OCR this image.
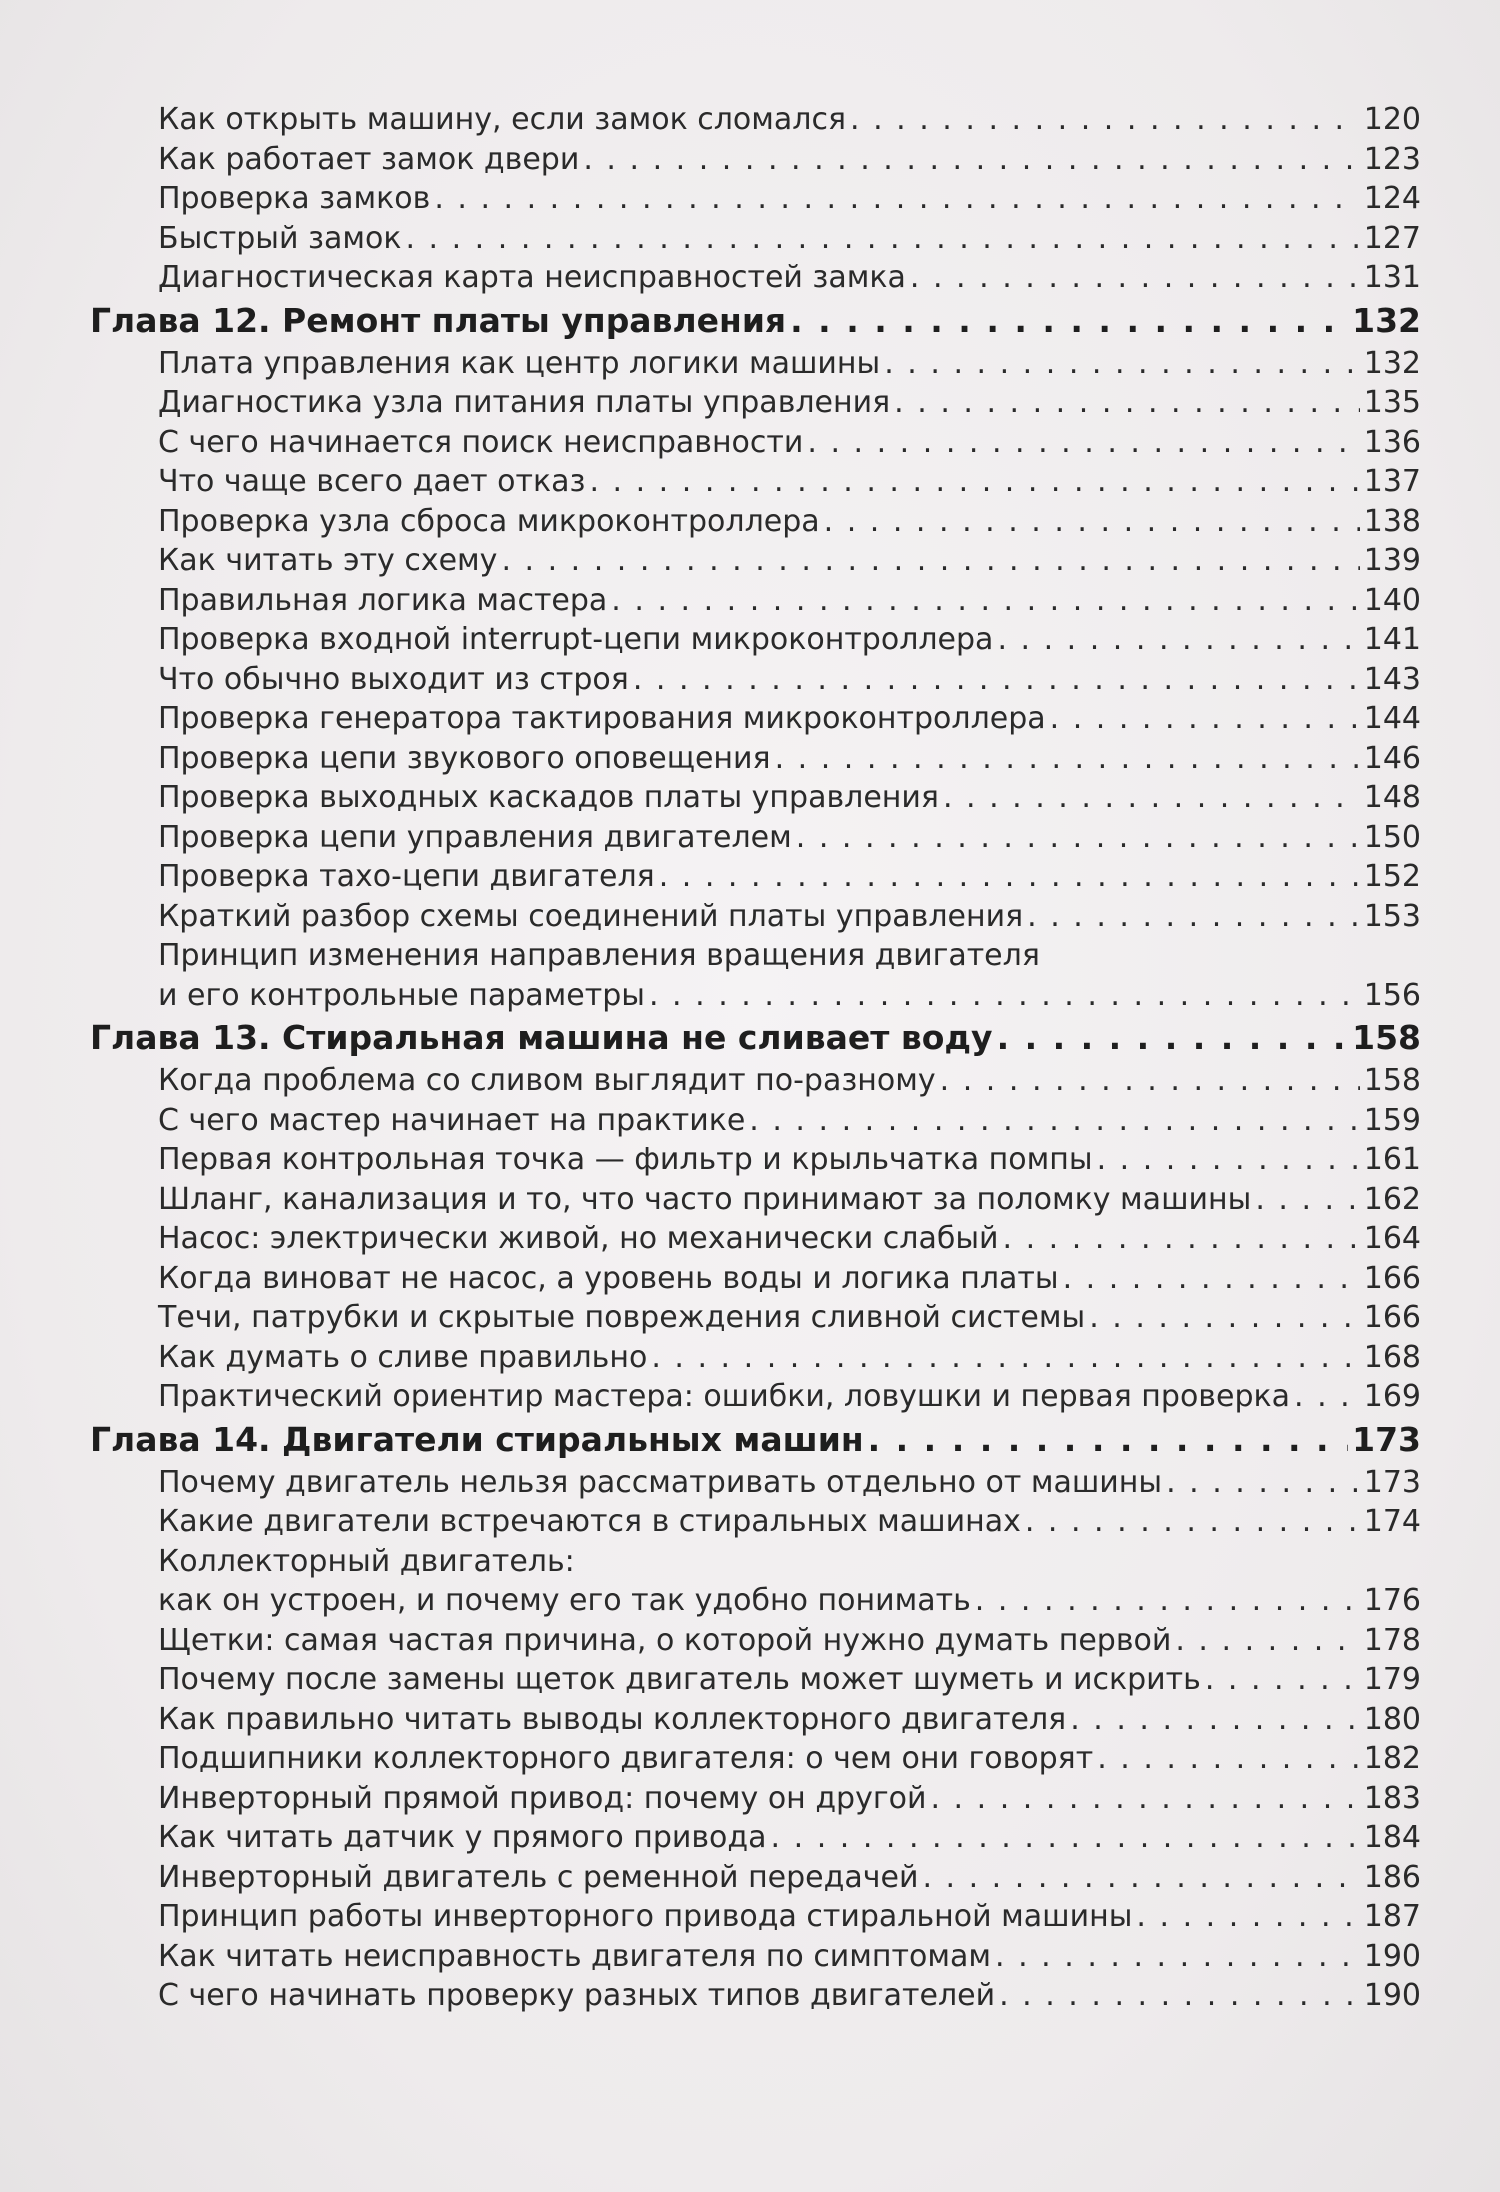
Как открыть машину, если замок сломался . . .	120
Как работает замок двери . . .	123
Проверка замков . . .	124
Быстрый замок . . .	127
Диагностическая карта неисправностей замка . . .	131
Глава 12. Ремонт платы управления . . .	132
Плата управления как центр логики машины . . .	132
Диагностика узла питания платы управления . . .	135
С чего начинается поиск неисправности . . .	136
Что чаще всего дает отказ . . .	137
Проверка узла сброса микроконтроллера . . .	138
Как читать эту схему . . .	139
Правильная логика мастера . . .	140
Проверка входной interrupt-цепи микроконтроллера . . .	141
Что обычно выходит из строя . . .	143
Проверка генератора тактирования микроконтроллера . . .	144
Проверка цепи звукового оповещения . . .	146
Проверка выходных каскадов платы управления . . .	148
Проверка цепи управления двигателем . . .	150
Проверка тахо-цепи двигателя . . .	152
Краткий разбор схемы соединений платы управления . . .	153
Принцип изменения направления вращения двигателя
и его контрольные параметры . . .	156
Глава 13. Стиральная машина не сливает воду . . .	158
Когда проблема со сливом выглядит по-разному . . .	158
С чего мастер начинает на практике . . .	159
Первая контрольная точка — фильтр и крыльчатка помпы . . .	161
Шланг, канализация и то, что часто принимают за поломку машины . . .	162
Насос: электрически живой, но механически слабый . . .	164
Когда виноват не насос, а уровень воды и логика платы . . .	166
Течи, патрубки и скрытые повреждения сливной системы . . .	166
Как думать о сливе правильно . . .	168
Практический ориентир мастера: ошибки, ловушки и первая проверка . . . 169
Глава 14. Двигатели стиральных машин . . .	173
Почему двигатель нельзя рассматривать отдельно от машины . . .	173
Какие двигатели встречаются в стиральных машинах . . .	174
Коллекторный двигатель:
как он устроен, и почему его так удобно понимать . . .	176
Щетки: самая частая причина, о которой нужно думать первой . . .	178
Почему после замены щеток двигатель может шуметь и искрить . . .	179
Как правильно читать выводы коллекторного двигателя . . .	180
Подшипники коллекторного двигателя: о чем они говорят . . .	182
Инверторный прямой привод: почему он другой . . .	183
Как читать датчик у прямого привода . . .	184
Инверторный двигатель с ременной передачей . . .	186
Принцип работы инверторного привода стиральной машины . . .	187
Как читать неисправность двигателя по симптомам . . .	190
С чего начинать проверку разных типов двигателей . . .	190
